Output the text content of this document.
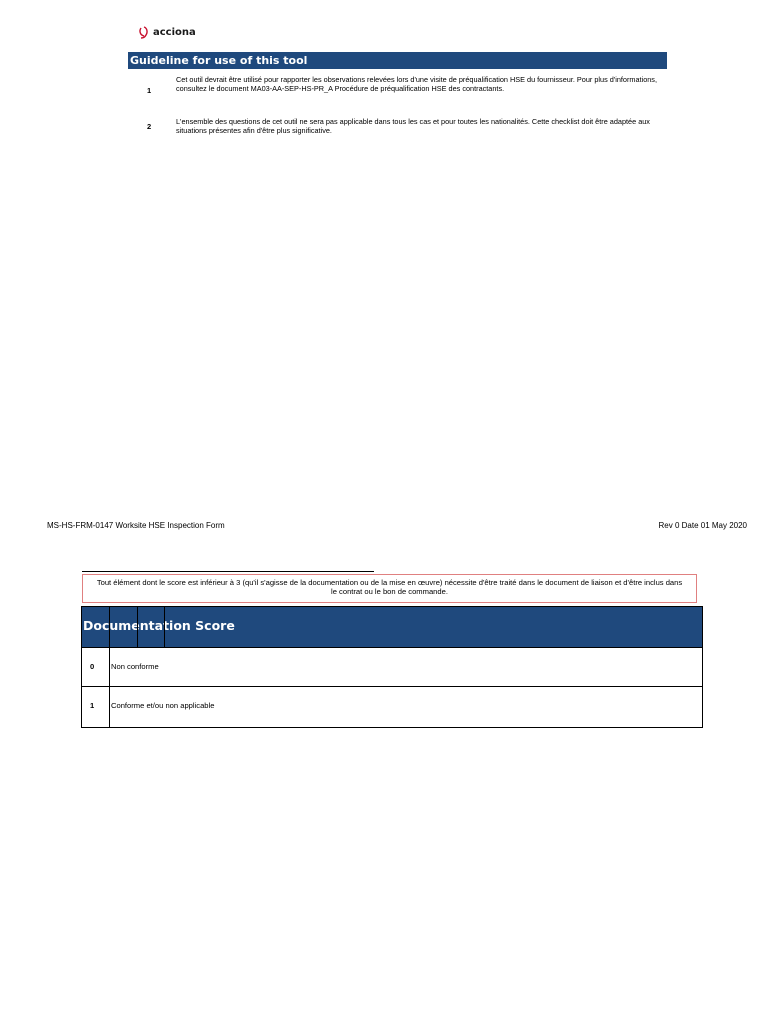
acciona
Guideline for use of this tool
1
Cet outil devrait être utilisé pour rapporter les observations relevées lors d'une visite de préqualification HSE du fournisseur. Pour plus d'informations, consultez le document MA03-AA-SEP-HS-PR_A Procédure de préqualification HSE des contractants.
2
L'ensemble des questions de cet outil ne sera pas applicable dans tous les cas et pour toutes les nationalités. Cette checklist doit être adaptée aux situations présentes afin d'être plus significative.
MS-HS-FRM-0147 Worksite HSE Inspection Form	Rev 0 Date 01 May 2020
Tout élément dont le score est inférieur à 3 (qu'il s'agisse de la documentation ou de la mise en œuvre) nécessite d'être traité dans le document de liaison et d'être inclus dans le contrat ou le bon de commande.
Documentation Score
0 Non conforme
1 Conforme et/ou non applicable
